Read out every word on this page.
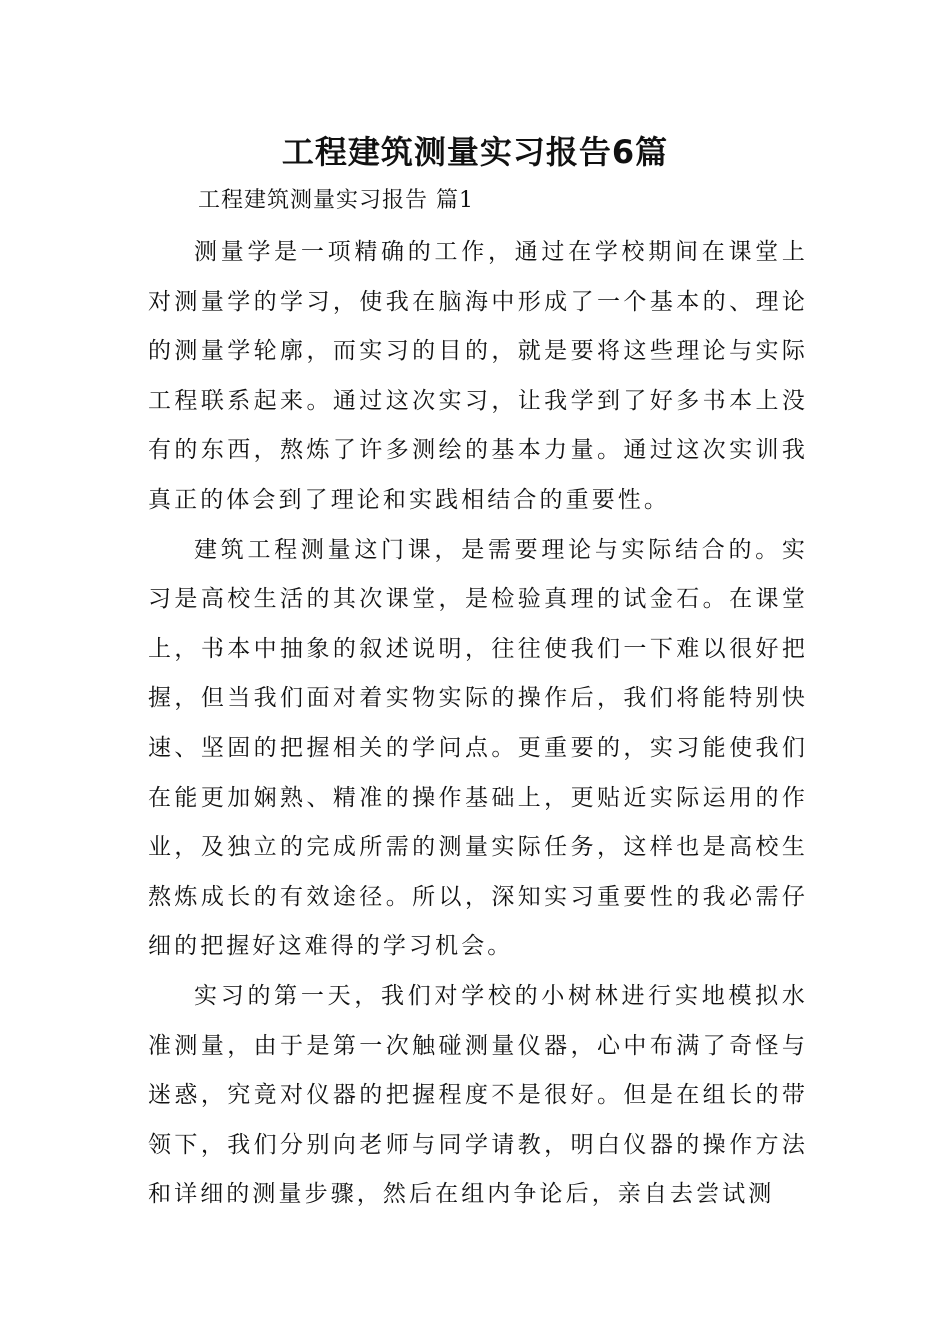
工程建筑测量实习报告6篇
工程建筑测量实习报告 篇1

测量学是一项精确的工作，通过在学校期间在课堂上对测量学的学习，使我在脑海中形成了一个基本的、理论的测量学轮廓，而实习的目的，就是要将这些理论与实际工程联系起来。通过这次实习，让我学到了好多书本上没有的东西，熬炼了许多测绘的基本力量。通过这次实训我真正的体会到了理论和实践相结合的重要性。

建筑工程测量这门课，是需要理论与实际结合的。实习是高校生活的其次课堂，是检验真理的试金石。在课堂上，书本中抽象的叙述说明，往往使我们一下难以很好把握，但当我们面对着实物实际的操作后，我们将能特别快速、坚固的把握相关的学问点。更重要的，实习能使我们在能更加娴熟、精准的操作基础上，更贴近实际运用的作业，及独立的完成所需的测量实际任务，这样也是高校生熬炼成长的有效途径。所以，深知实习重要性的我必需仔细的把握好这难得的学习机会。

实习的第一天，我们对学校的小树林进行实地模拟水准测量，由于是第一次触碰测量仪器，心中布满了奇怪与迷惑，究竟对仪器的把握程度不是很好。但是在组长的带领下，我们分别向老师与同学请教，明白仪器的操作方法和详细的测量步骤，然后在组内争论后，亲自去尝试测
